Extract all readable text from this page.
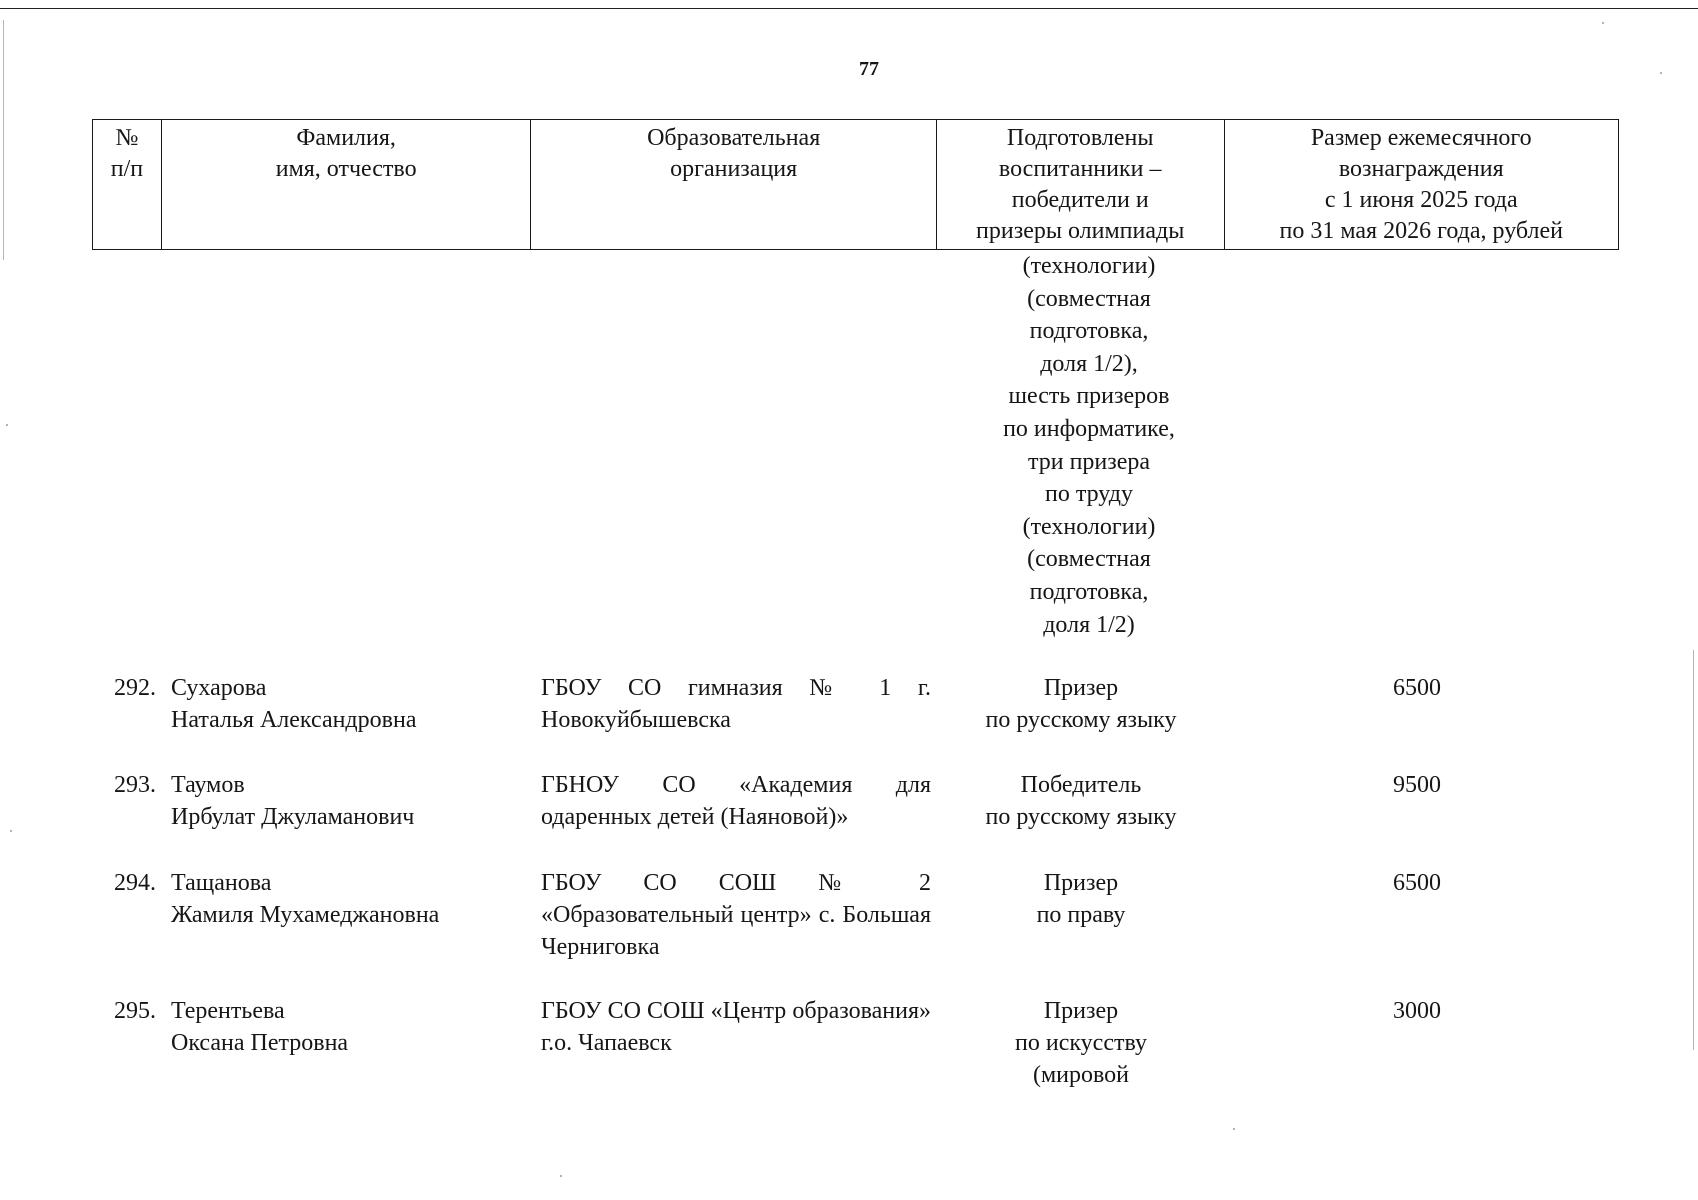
77
№
п/п
Фамилия,
имя, отчество
Образовательная
организация
Подготовлены
воспитанники –
победители и
призеры олимпиады
Размер ежемесячного
вознаграждения
с 1 июня 2025 года
по 31 мая 2026 года, рублей
(технологии)
(совместная
подготовка,
доля 1/2),
шесть призеров
по информатике,
три призера
по труду
(технологии)
(совместная
подготовка,
доля 1/2)
292. Сухарова
Наталья Александровна
ГБОУ СО гимназия № 1 г. Новокуйбышевска
Призер
по русскому языку
6500
293. Таумов
Ирбулат Джуламанович
ГБНОУ СО «Академия для одаренных детей (Наяновой)»
Победитель
по русскому языку
9500
294. Тащанова
Жамиля Мухамеджановна
ГБОУ СО СОШ № 2 «Образовательный центр» с. Большая Черниговка
Призер
по праву
6500
295. Терентьева
Оксана Петровна
ГБОУ СО СОШ «Центр образования» г.о. Чапаевск
Призер
по искусству
(мировой
3000
